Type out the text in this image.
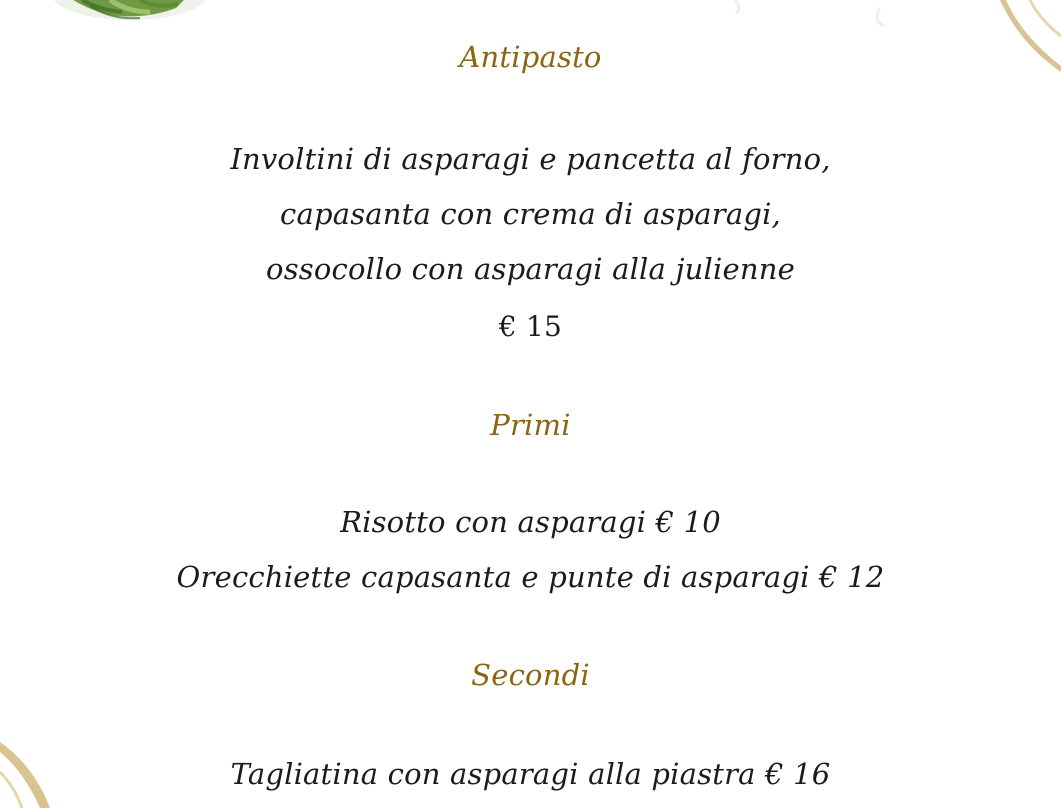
Antipasto
Involtini di asparagi e pancetta al forno,
capasanta con crema di asparagi,
ossocollo con asparagi alla julienne
€ 15
Primi
Risotto con asparagi € 10
Orecchiette capasanta e punte di asparagi € 12
Secondi
Tagliatina con asparagi alla piastra € 16
